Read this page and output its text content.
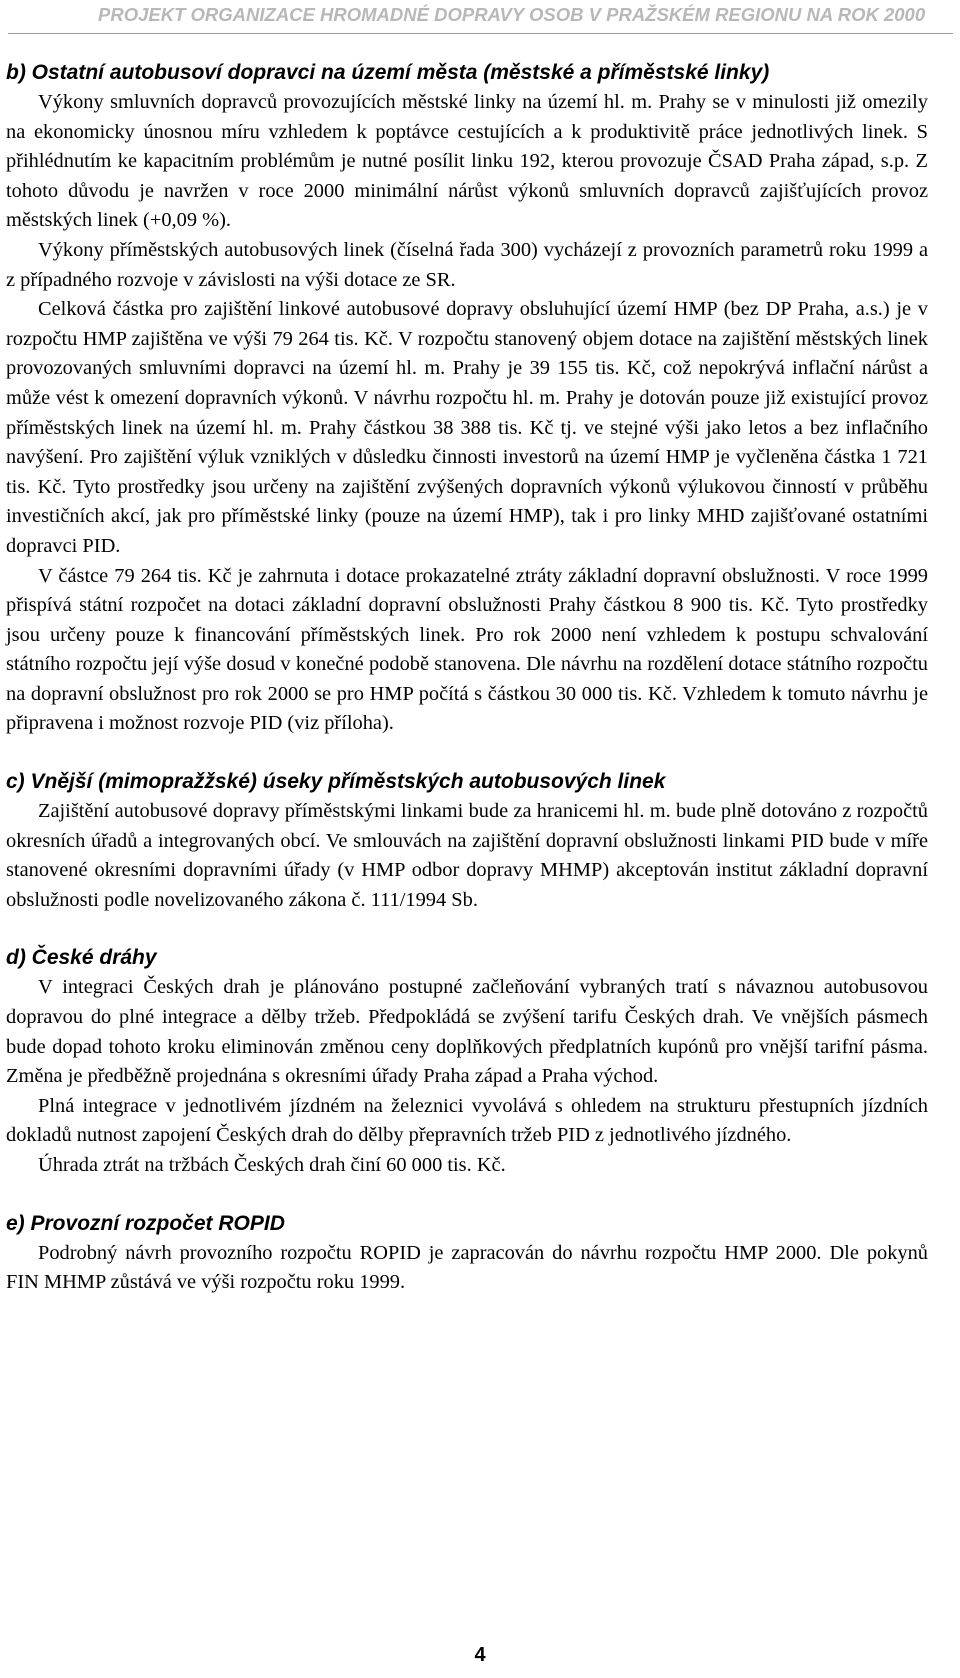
PROJEKT ORGANIZACE HROMADNÉ DOPRAVY OSOB V PRAŽSKÉM REGIONU NA ROK 2000
b) Ostatní autobusoví dopravci na území města (městské a příměstské linky)

Výkony smluvních dopravců provozujících městské linky na území hl. m. Prahy se v minulosti již omezily na ekonomicky únosnou míru vzhledem k poptávce cestujících a k produktivitě práce jednotlivých linek. S přihlédnutím ke kapacitním problémům je nutné posílit linku 192, kterou provozuje ČSAD Praha západ, s.p. Z tohoto důvodu je navržen v roce 2000 minimální nárůst výkonů smluvních dopravců zajišťujících provoz městských linek (+0,09 %).

Výkony příměstských autobusových linek (číselná řada 300) vycházejí z provozních parametrů roku 1999 a z případného rozvoje v závislosti na výši dotace ze SR.

Celková částka pro zajištění linkové autobusové dopravy obsluhující území HMP (bez DP Praha, a.s.) je v rozpočtu HMP zajištěna ve výši 79 264 tis. Kč. V rozpočtu stanovený objem dotace na zajištění městských linek provozovaných smluvními dopravci na území hl. m. Prahy je 39 155 tis. Kč, což nepokrývá inflační nárůst a může vést k omezení dopravních výkonů. V návrhu rozpočtu hl. m. Prahy je dotován pouze již existující provoz příměstských linek na území hl. m. Prahy částkou 38 388 tis. Kč tj. ve stejné výši jako letos a bez inflačního navýšení. Pro zajištění výluk vzniklých v důsledku činnosti investorů na území HMP je vyčleněna částka 1 721 tis. Kč. Tyto prostředky jsou určeny na zajištění zvýšených dopravních výkonů výlukovou činností v průběhu investičních akcí, jak pro příměstské linky (pouze na území HMP), tak i pro linky MHD zajišťované ostatními dopravci PID.

V částce 79 264 tis. Kč je zahrnuta i dotace prokazatelné ztráty základní dopravní obslužnosti. V roce 1999 přispívá státní rozpočet na dotaci základní dopravní obslužnosti Prahy částkou 8 900 tis. Kč. Tyto prostředky jsou určeny pouze k financování příměstských linek. Pro rok 2000 není vzhledem k postupu schvalování státního rozpočtu její výše dosud v konečné podobě stanovena. Dle návrhu na rozdělení dotace státního rozpočtu na dopravní obslužnost pro rok 2000 se pro HMP počítá s částkou 30 000 tis. Kč. Vzhledem k tomuto návrhu je připravena i možnost rozvoje PID (viz příloha).

c) Vnější (mimopražžské) úseky příměstských autobusových linek

Zajištění autobusové dopravy příměstskými linkami bude za hranicemi hl. m. bude plně dotováno z rozpočtů okresních úřadů a integrovaných obcí. Ve smlouvách na zajištění dopravní obslužnosti linkami PID bude v míře stanovené okresními dopravními úřady (v HMP odbor dopravy MHMP) akceptován institut základní dopravní obslužnosti podle novelizovaného zákona č. 111/1994 Sb.

d) České dráhy

V integraci Českých drah je plánováno postupné začleňování vybraných tratí s návaznou autobusovou dopravou do plné integrace a dělby tržeb. Předpokládá se zvýšení tarifu Českých drah. Ve vnějších pásmech bude dopad tohoto kroku eliminován změnou ceny doplňkových předplatních kupónů pro vnější tarifní pásma. Změna je předběžně projednána s okresními úřady Praha západ a Praha východ.

Plná integrace v jednotlivém jízdném na železnici vyvolává s ohledem na strukturu přestupních jízdních dokladů nutnost zapojení Českých drah do dělby přepravních tržeb PID z jednotlivého jízdného.

Úhrada ztrát na tržbách Českých drah činí 60 000 tis. Kč.

e) Provozní rozpočet ROPID

Podrobný návrh provozního rozpočtu ROPID je zapracován do návrhu rozpočtu HMP 2000. Dle pokynů FIN MHMP zůstává ve výši rozpočtu roku 1999.

4
